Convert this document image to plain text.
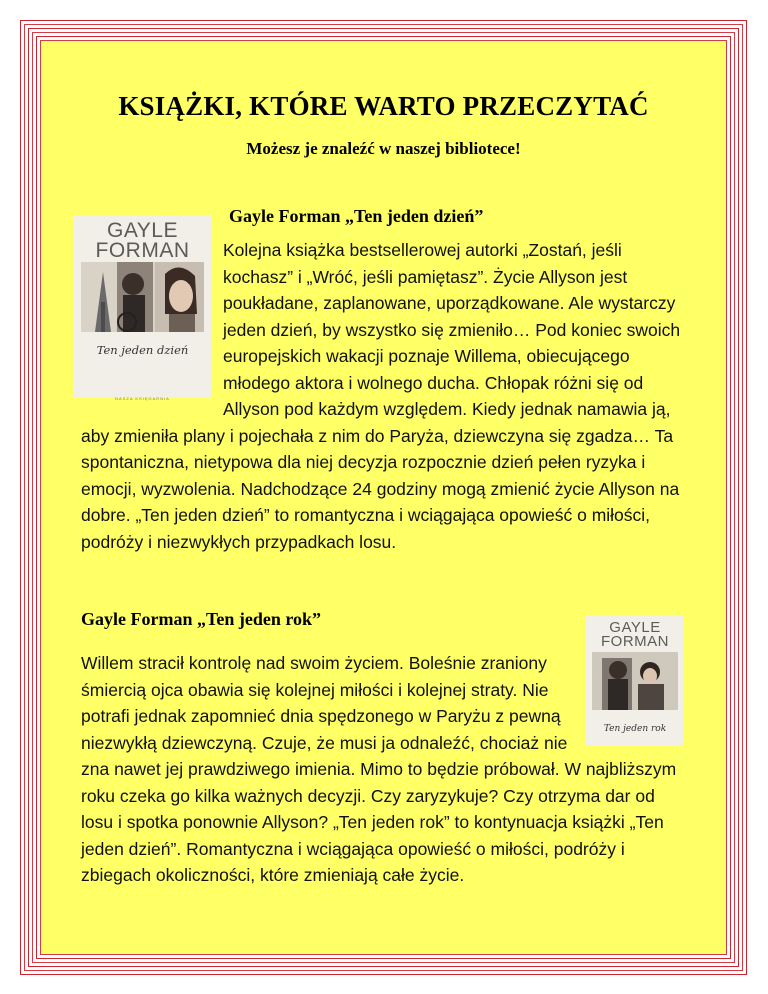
KSIĄŻKI, KTÓRE WARTO PRZECZYTAĆ

Możesz je znaleźć w naszej bibliotece!

Gayle Forman „Ten jeden dzień”

GAYLE
FORMAN
Ten jeden dzień
NASZA KSIĘGARNIA
Kolejna książka bestsellerowej autorki „Zostań, jeśli kochasz” i „Wróć, jeśli pamiętasz”. Życie Allyson jest poukładane, zaplanowane, uporządkowane. Ale wystarczy jeden dzień, by wszystko się zmieniło… Pod koniec swoich europejskich wakacji poznaje Willema, obiecującego młodego aktora i wolnego ducha. Chłopak różni się od Allyson pod każdym względem. Kiedy jednak namawia ją, aby zmieniła plany i pojechała z nim do Paryża, dziewczyna się zgadza… Ta spontaniczna, nietypowa dla niej decyzja rozpocznie dzień pełen ryzyka i emocji, wyzwolenia. Nadchodzące 24 godziny mogą zmienić życie Allyson na dobre. „Ten jeden dzień” to romantyczna i wciągająca opowieść o miłości, podróży i niezwykłych przypadkach losu.

Gayle Forman „Ten jeden rok”	GAYLE
FORMAN
Ten jeden rok
Willem stracił kontrolę nad swoim życiem. Boleśnie zraniony śmiercią ojca obawia się kolejnej miłości i kolejnej straty. Nie potrafi jednak zapomnieć dnia spędzonego w Paryżu z pewną niezwykłą dziewczyną. Czuje, że musi ja odnaleźć, chociaż nie zna nawet jej prawdziwego imienia. Mimo to będzie próbował. W najbliższym roku czeka go kilka ważnych decyzji. Czy zaryzykuje? Czy otrzyma dar od losu i spotka ponownie Allyson? „Ten jeden rok” to kontynuacja książki „Ten jeden dzień”. Romantyczna i wciągająca opowieść o miłości, podróży i zbiegach okoliczności, które zmieniają całe życie.
